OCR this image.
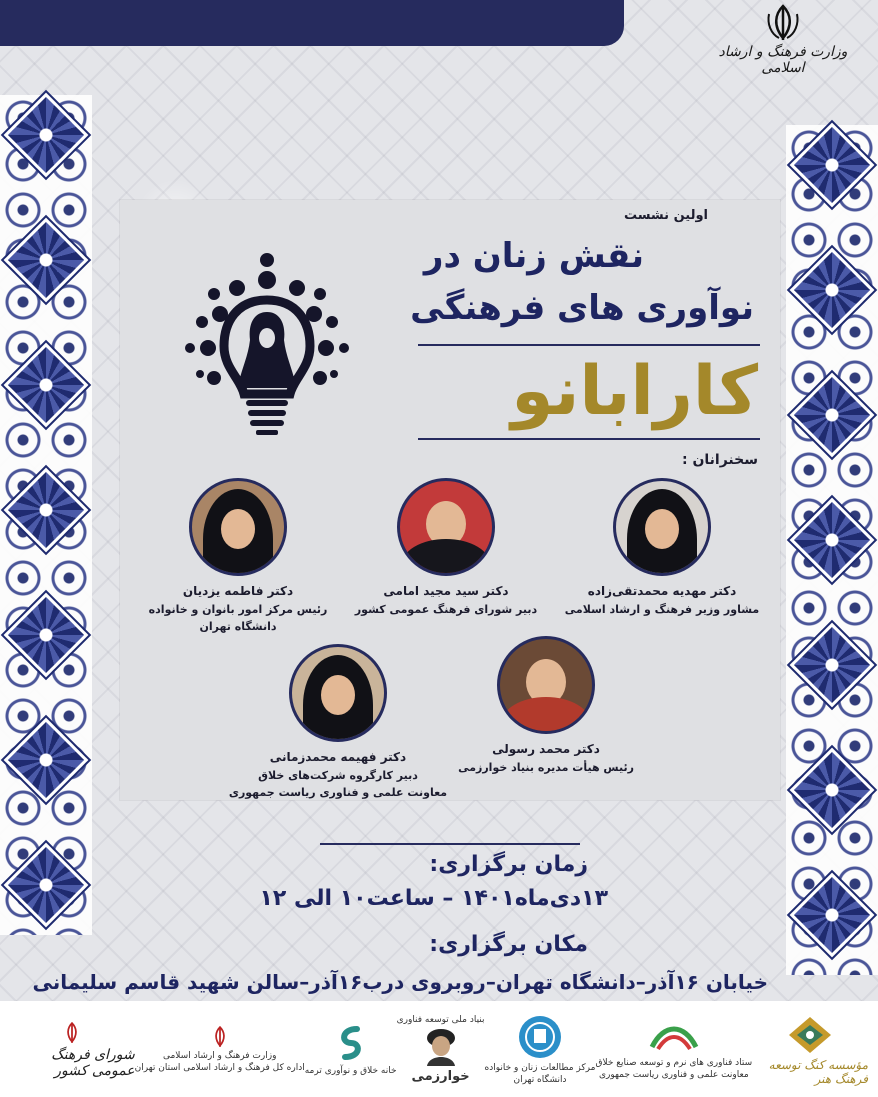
وزارت فرهنگ و ارشاد اسلامی
اولین نشست
نقش زنان در
نوآوری های فرهنگی
کارابانو
سخنرانان :
دکتر مهدیه محمدتقی‌زاده
مشاور وزیر فرهنگ و ارشاد اسلامی
دکتر سید مجید امامی
دبیر شورای فرهنگ عمومی کشور
دکتر فاطمه یزدیان
رئیس مرکز امور بانوان و خانواده
دانشگاه تهران
دکتر محمد رسولی
رئیس هیأت مدیره بنیاد خوارزمی
دکتر فهیمه محمدزمانی
دبیر کارگروه شرکت‌های خلاق
معاونت علمی و فناوری ریاست جمهوری
زمان برگزاری:
۱۳دی‌ماه۱۴۰۱ – ساعت۱۰ الی ۱۲
مکان برگزاری:
خیابان ۱۶آذر–دانشگاه تهران–روبروی درب۱۶آذر–سالن شهید قاسم سلیمانی
مؤسسه کنگ توسعه فرهنگ هنر
ستاد فناوری های نرم و توسعه صنایع خلاق
معاونت علمی و فناوری ریاست جمهوری
مرکز مطالعات زنان و خانواده
دانشگاه تهران
بنیاد ملی توسعه فناوری
خوارزمی
خانه خلاق و نوآوری ترمه
وزارت فرهنگ و ارشاد اسلامی
اداره کل فرهنگ و ارشاد اسلامی استان تهران
شورای فرهنگ عمومی کشور
